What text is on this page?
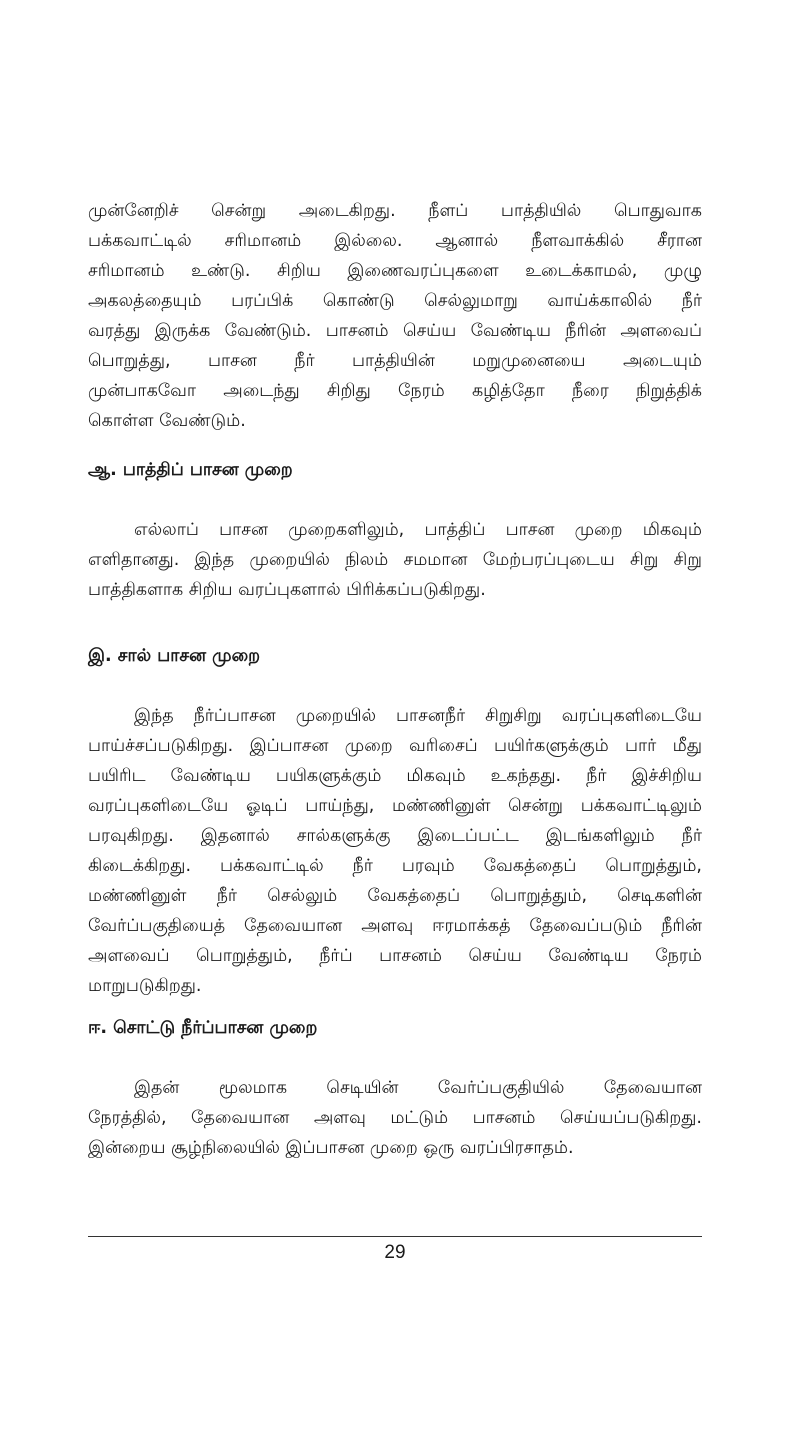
முன்னேறிச் சென்று அடைகிறது. நீளப் பாத்தியில் பொதுவாக
பக்கவாட்டில் சரிமானம் இல்லை. ஆனால் நீளவாக்கில் சீரான
சரிமானம் உண்டு. சிறிய இணைவரப்புகளை உடைக்காமல், முழு
அகலத்தையும் பரப்பிக் கொண்டு செல்லுமாறு வாய்க்காலில் நீர்
வரத்து இருக்க வேண்டும். பாசனம் செய்ய வேண்டிய நீரின் அளவைப்
பொறுத்து, பாசன நீர் பாத்தியின் மறுமுனையை அடையும்
முன்பாகவோ அடைந்து சிறிது நேரம் கழித்தோ நீரை நிறுத்திக்
கொள்ள வேண்டும்.
ஆ. பாத்திப் பாசன முறை
எல்லாப் பாசன முறைகளிலும், பாத்திப் பாசன முறை மிகவும்
எளிதானது. இந்த முறையில் நிலம் சமமான மேற்பரப்புடைய சிறு சிறு
பாத்திகளாக சிறிய வரப்புகளால் பிரிக்கப்படுகிறது.
இ. சால் பாசன முறை
இந்த நீர்ப்பாசன முறையில் பாசனநீர் சிறுசிறு வரப்புகளிடையே
பாய்ச்சப்படுகிறது. இப்பாசன முறை வரிசைப் பயிர்களுக்கும் பார் மீது
பயிரிட வேண்டிய பயிகளுக்கும் மிகவும் உகந்தது. நீர் இச்சிறிய
வரப்புகளிடையே ஓடிப் பாய்ந்து, மண்ணினுள் சென்று பக்கவாட்டிலும்
பரவுகிறது. இதனால் சால்களுக்கு இடைப்பட்ட இடங்களிலும் நீர்
கிடைக்கிறது. பக்கவாட்டில் நீர் பரவும் வேகத்தைப் பொறுத்தும்,
மண்ணினுள் நீர் செல்லும் வேகத்தைப் பொறுத்தும், செடிகளின்
வேர்ப்பகுதியைத் தேவையான அளவு ஈரமாக்கத் தேவைப்படும் நீரின்
அளவைப் பொறுத்தும், நீர்ப் பாசனம் செய்ய வேண்டிய நேரம்
மாறுபடுகிறது.
ஈ. சொட்டு நீர்ப்பாசன முறை
இதன் மூலமாக செடியின் வேர்ப்பகுதியில் தேவையான
நேரத்தில், தேவையான அளவு மட்டும் பாசனம் செய்யப்படுகிறது.
இன்றைய சூழ்நிலையில் இப்பாசன முறை ஒரு வரப்பிரசாதம்.
29
